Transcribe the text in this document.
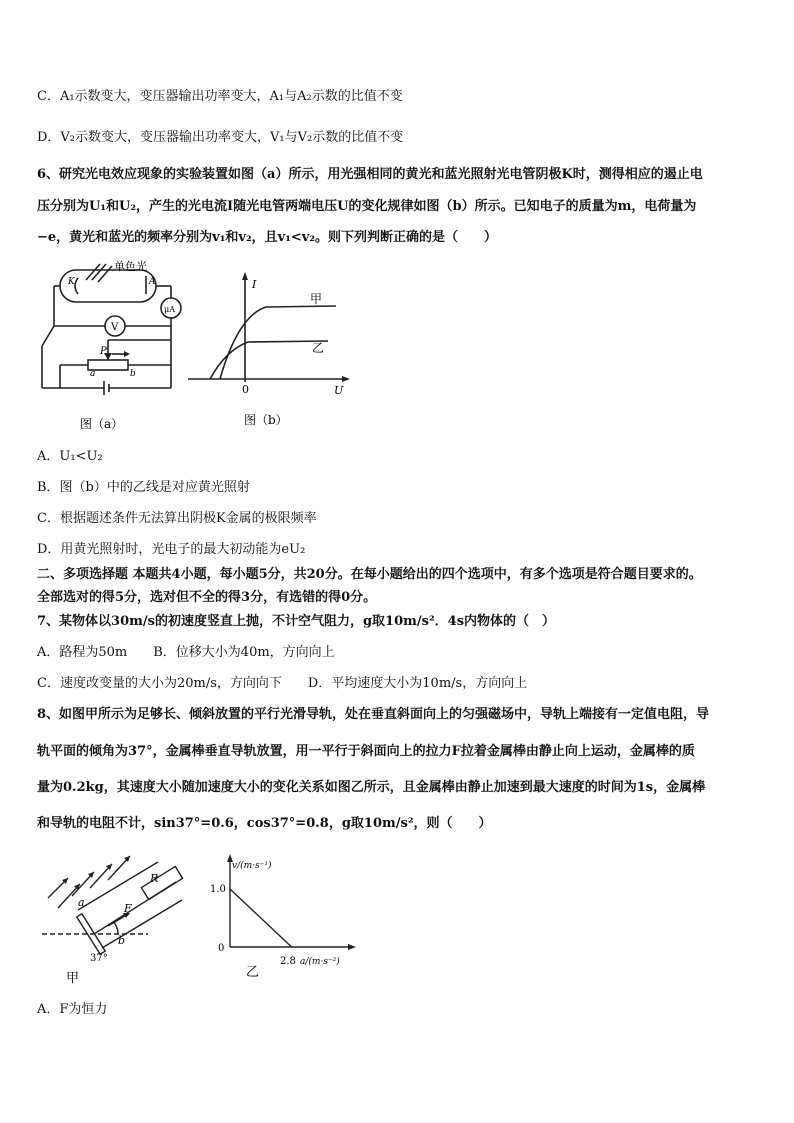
C．A₁示数变大，变压器输出功率变大，A₁与A₂示数的比值不变
D．V₂示数变大，变压器输出功率变大，V₁与V₂示数的比值不变
6、研究光电效应现象的实验装置如图（a）所示，用光强相同的黄光和蓝光照射光电管阴极K时，测得相应的遏止电
压分别为U₁和U₂，产生的光电流I随光电管两端电压U的变化规律如图（b）所示。已知电子的质量为m，电荷量为
−e，黄光和蓝光的频率分别为v₁和v₂，且v₁<v₂。则下列判断正确的是（　　）
单色光
K	A
μA
V
P
a	b
图（a）
I
U
0
甲
乙
图（b）
A．U₁<U₂
B．图（b）中的乙线是对应黄光照射
C．根据题述条件无法算出阴极K金属的极限频率
D．用黄光照射时，光电子的最大初动能为eU₂
二、多项选择题 本题共4小题，每小题5分，共20分。在每小题给出的四个选项中，有多个选项是符合题目要求的。
全部选对的得5分，选对但不全的得3分，有选错的得0分。
7、某物体以30m/s的初速度竖直上抛，不计空气阻力，g取10m/s²．4s内物体的（　）
A．路程为50m　　B．位移大小为40m，方向向上
C．速度改变量的大小为20m/s，方向向下　　D．平均速度大小为10m/s，方向向上
8、如图甲所示为足够长、倾斜放置的平行光滑导轨，处在垂直斜面向上的匀强磁场中，导轨上端接有一定值电阻，导
轨平面的倾角为37°，金属棒垂直导轨放置，用一平行于斜面向上的拉力F拉着金属棒由静止向上运动，金属棒的质
量为0.2kg，其速度大小随加速度大小的变化关系如图乙所示，且金属棒由静止加速到最大速度的时间为1s，金属棒
和导轨的电阻不计，sin37°=0.6，cos37°=0.8，g取10m/s²，则（　　）
R
a
b
F
37°
甲
v/(m·s⁻¹)
1.0
0
2.8 a/(m·s⁻²)
乙
A．F为恒力
